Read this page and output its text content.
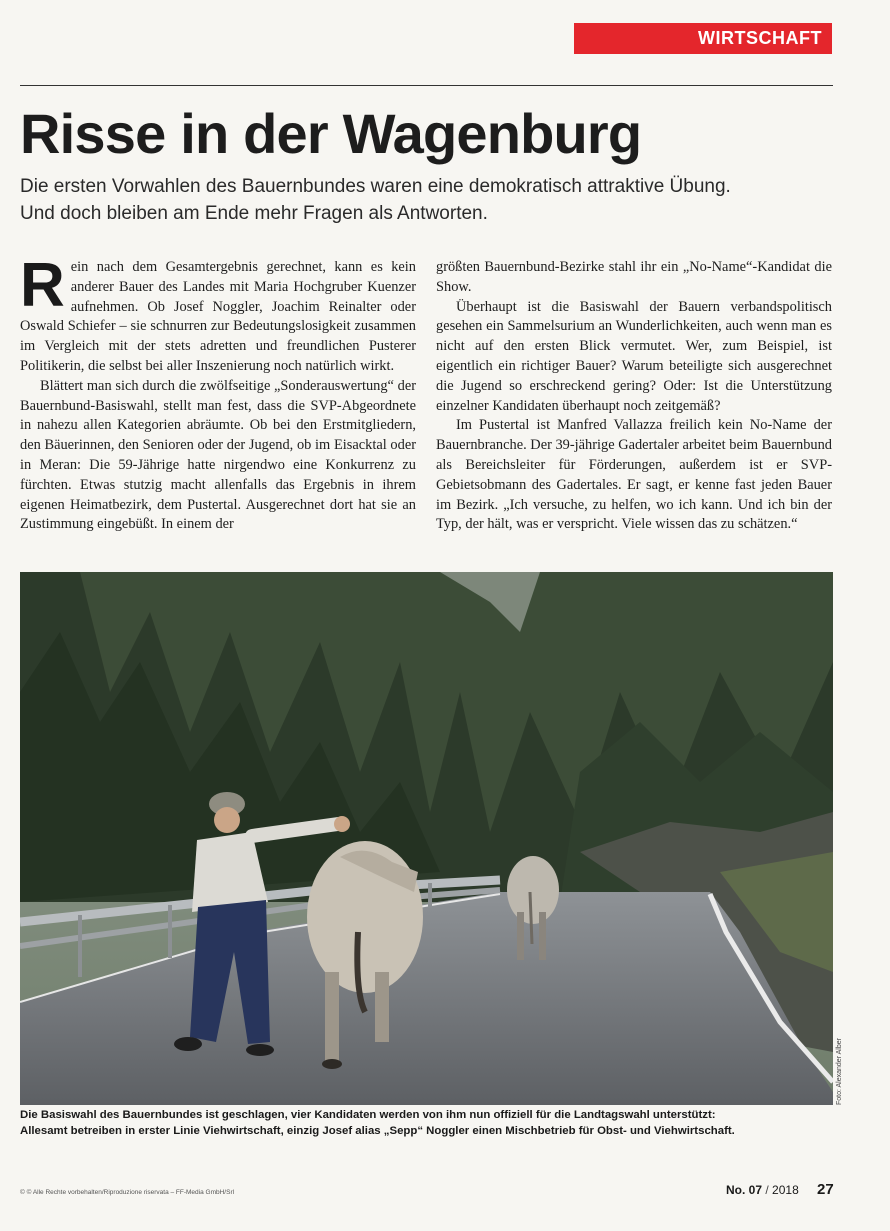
WIRTSCHAFT
Risse in der Wagenburg

Die ersten Vorwahlen des Bauernbundes waren eine demokratisch attraktive Übung.
Und doch bleiben am Ende mehr Fragen als Antworten.

Rein nach dem Gesamtergebnis gerechnet, kann es kein anderer Bauer des Landes mit Maria Hochgruber Kuenzer aufnehmen. Ob Josef Noggler, Joachim Reinalter oder Oswald Schiefer – sie schnurren zur Bedeutungslosigkeit zusammen im Vergleich mit der stets adretten und freundlichen Pusterer Politikerin, die selbst bei aller Inszenierung noch natürlich wirkt.

Blättert man sich durch die zwölfseitige „Sonderauswertung“ der Bauernbund-Basiswahl, stellt man fest, dass die SVP-Abgeordnete in nahezu allen Kategorien abräumte. Ob bei den Erstmitgliedern, den Bäuerinnen, den Senioren oder der Jugend, ob im Eisacktal oder in Meran: Die 59-Jährige hatte nirgendwo eine Konkurrenz zu fürchten. Etwas stutzig macht allenfalls das Ergebnis in ihrem eigenen Heimatbezirk, dem Pustertal. Ausgerechnet dort hat sie an Zustimmung eingebüßt. In einem der

größten Bauernbund-Bezirke stahl ihr ein „No-Name“-Kandidat die Show.

Überhaupt ist die Basiswahl der Bauern verbandspolitisch gesehen ein Sammelsurium an Wunderlichkeiten, auch wenn man es nicht auf den ersten Blick vermutet. Wer, zum Beispiel, ist eigentlich ein richtiger Bauer? Warum beteiligte sich ausgerechnet die Jugend so erschreckend gering? Oder: Ist die Unterstützung einzelner Kandidaten überhaupt noch zeitgemäß?

Im Pustertal ist Manfred Vallazza freilich kein No-Name der Bauernbranche. Der 39-jährige Gadertaler arbeitet beim Bauernbund als Bereichsleiter für Förderungen, außerdem ist er SVP-Gebietsobmann des Gadertales. Er sagt, er kenne fast jeden Bauer im Bezirk. „Ich versuche, zu helfen, wo ich kann. Und ich bin der Typ, der hält, was er verspricht. Viele wissen das zu schätzen.“

Foto: Alexander Alber

Die Basiswahl des Bauernbundes ist geschlagen, vier Kandidaten werden von ihm nun offiziell für die Landtagswahl unterstützt:
Allesamt betreiben in erster Linie Viehwirtschaft, einzig Josef alias „Sepp“ Noggler einen Mischbetrieb für Obst- und Viehwirtschaft.

© © Alle Rechte vorbehalten/Riproduzione riservata – FF-Media GmbH/Srl	No. 07 / 2018 27
